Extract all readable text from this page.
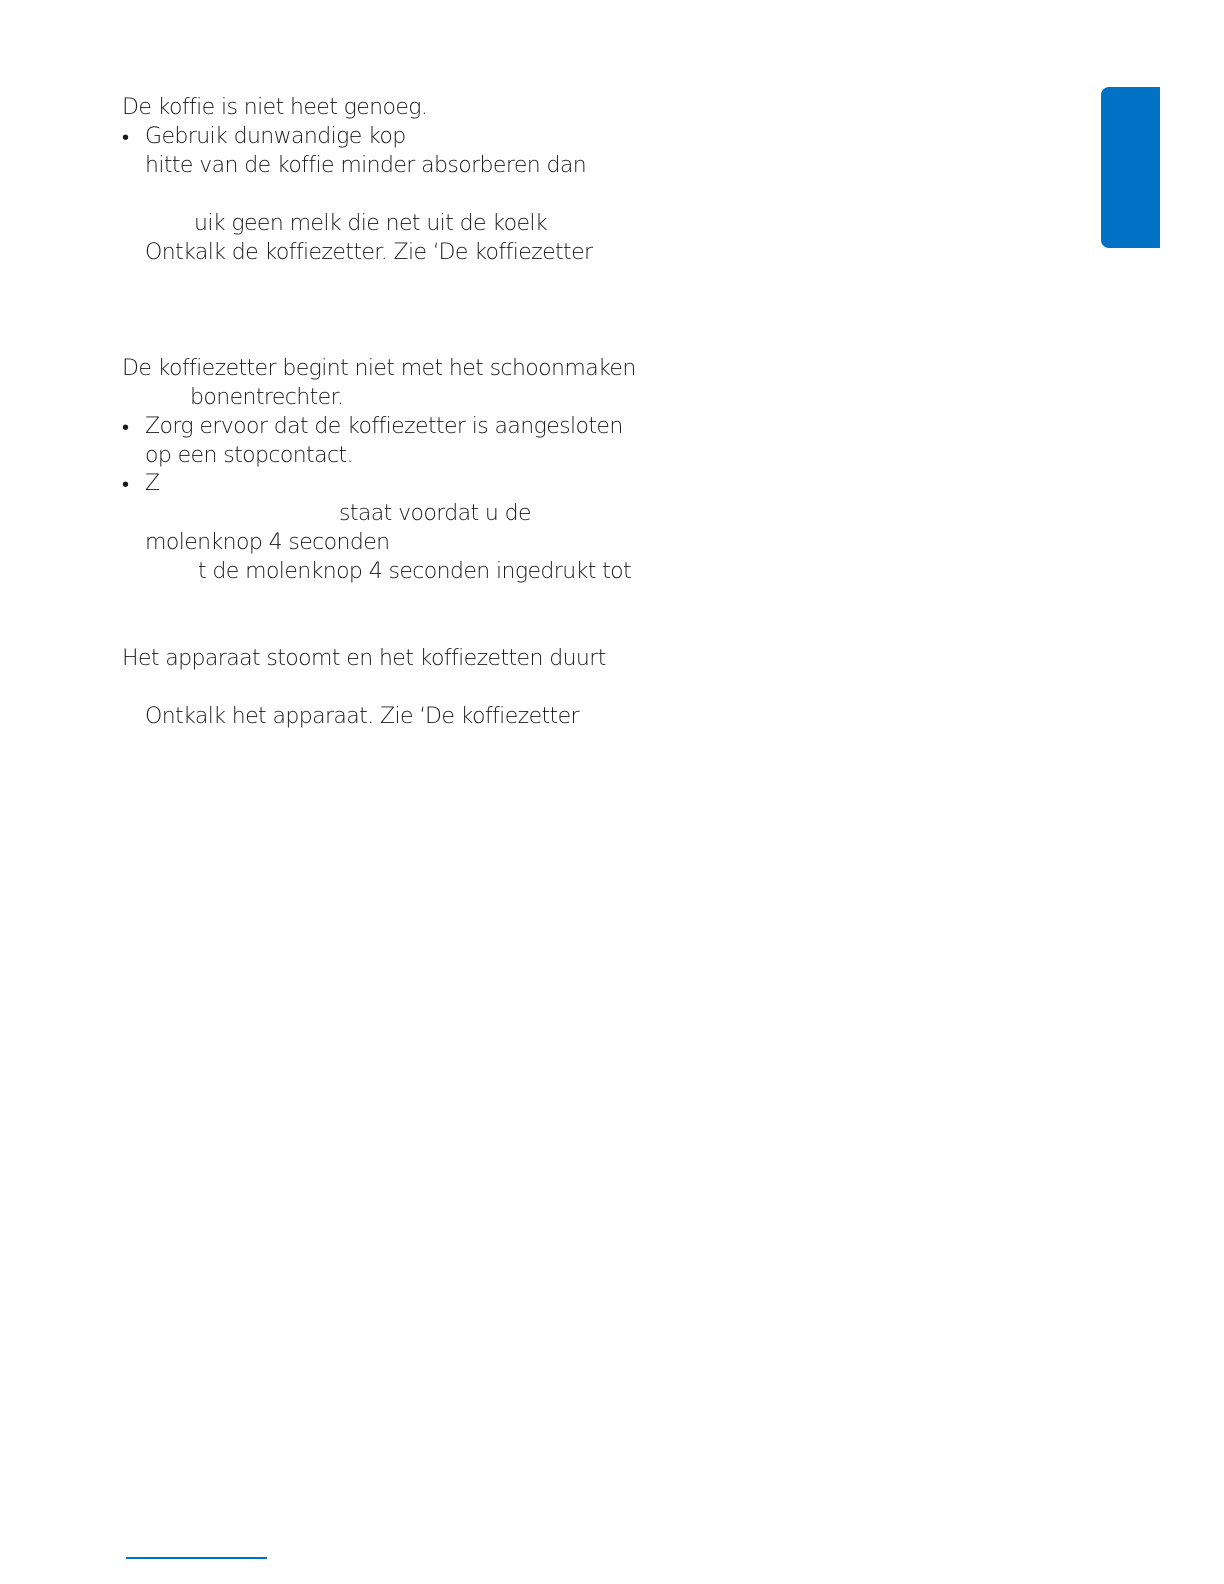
De koffie is niet heet genoeg.
• Gebruik dunwandige kop
hitte van de koffie minder absorberen dan
uik geen melk die net uit de koelk
Ontkalk de koffiezetter. Zie ‘De koffiezetter
De koffiezetter begint niet met het schoonmaken
bonentrechter.
• Zorg ervoor dat de koffiezetter is aangesloten
op een stopcontact.
• Z
staat voordat u de
molenknop 4 seconden
t de molenknop 4 seconden ingedrukt tot
Het apparaat stoomt en het koffiezetten duurt
Ontkalk het apparaat. Zie ‘De koffiezetter
